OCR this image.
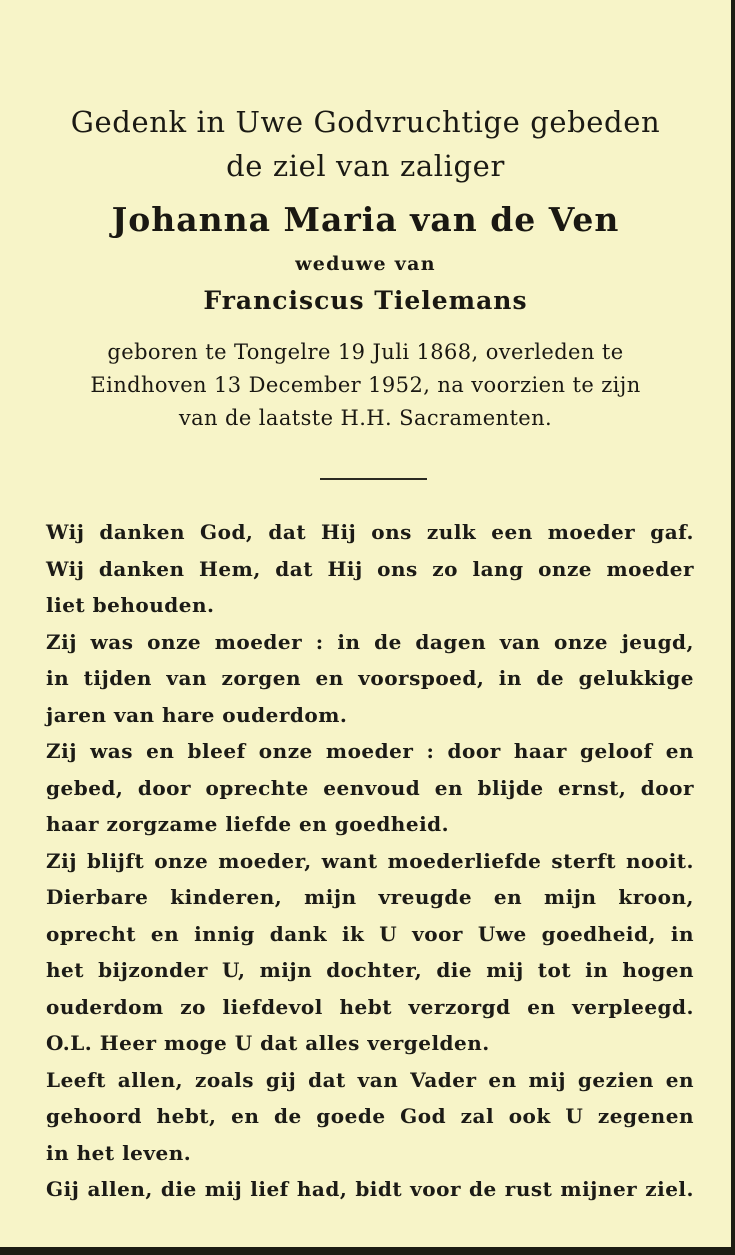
Gedenk in Uwe Godvruchtige gebeden
de ziel van zaliger
Johanna Maria van de Ven
weduwe van
Franciscus Tielemans
geboren te Tongelre 19 Juli 1868, overleden te
Eindhoven 13 December 1952, na voorzien te zijn
van de laatste H.H. Sacramenten.
Wij danken God, dat Hij ons zulk een moeder gaf.
Wij danken Hem, dat Hij ons zo lang onze moeder
liet behouden.
Zij was onze moeder : in de dagen van onze jeugd,
in tijden van zorgen en voorspoed, in de gelukkige
jaren van hare ouderdom.
Zij was en bleef onze moeder : door haar geloof en
gebed, door oprechte eenvoud en blijde ernst, door
haar zorgzame liefde en goedheid.
Zij blijft onze moeder, want moederliefde sterft nooit.
Dierbare kinderen, mijn vreugde en mijn kroon,
oprecht en innig dank ik U voor Uwe goedheid, in
het bijzonder U, mijn dochter, die mij tot in hogen
ouderdom zo liefdevol hebt verzorgd en verpleegd.
O.L. Heer moge U dat alles vergelden.
Leeft allen, zoals gij dat van Vader en mij gezien en
gehoord hebt, en de goede God zal ook U zegenen
in het leven.
Gij allen, die mij lief had, bidt voor de rust mijner ziel.
